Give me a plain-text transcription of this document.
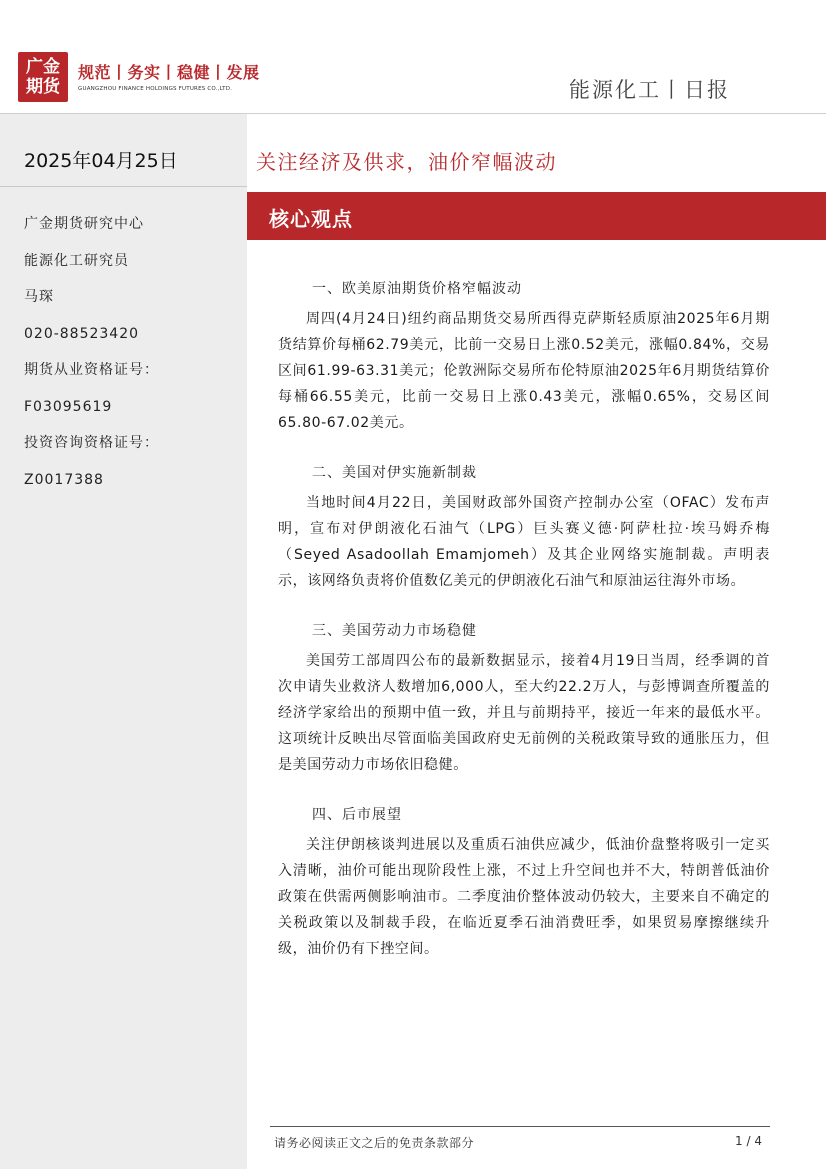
广金
期货
规范丨务实丨稳健丨发展
GUANGZHOU FINANCE HOLDINGS FUTURES CO.,LTD.	能源化工丨日报
2025年04月25日
广金期货研究中心
能源化工研究员
马琛
020-88523420
期货从业资格证号：
F03095619
投资咨询资格证号：
Z0017388
关注经济及供求，油价窄幅波动
核心观点
一、欧美原油期货价格窄幅波动

周四(4月24日)纽约商品期货交易所西得克萨斯轻质原油2025年6月期货结算价每桶62.79美元，比前一交易日上涨0.52美元，涨幅0.84%，交易区间61.99-63.31美元；伦敦洲际交易所布伦特原油2025年6月期货结算价每桶66.55美元，比前一交易日上涨0.43美元，涨幅0.65%，交易区间65.80-67.02美元。

二、美国对伊实施新制裁

当地时间4月22日，美国财政部外国资产控制办公室（OFAC）发布声明，宣布对伊朗液化石油气（LPG）巨头赛义德·阿萨杜拉·埃马姆乔梅（Seyed Asadoollah Emamjomeh）及其企业网络实施制裁。声明表示，该网络负责将价值数亿美元的伊朗液化石油气和原油运往海外市场。

三、美国劳动力市场稳健

美国劳工部周四公布的最新数据显示，接着4月19日当周，经季调的首次申请失业救济人数增加6,000人，至大约22.2万人，与彭博调查所覆盖的经济学家给出的预期中值一致，并且与前期持平，接近一年来的最低水平。这项统计反映出尽管面临美国政府史无前例的关税政策导致的通胀压力，但是美国劳动力市场依旧稳健。

四、后市展望

关注伊朗核谈判进展以及重质石油供应减少，低油价盘整将吸引一定买入清晰，油价可能出现阶段性上涨，不过上升空间也并不大，特朗普低油价政策在供需两侧影响油市。二季度油价整体波动仍较大，主要来自不确定的关税政策以及制裁手段，在临近夏季石油消费旺季，如果贸易摩擦继续升级，油价仍有下挫空间。

请务必阅读正文之后的免责条款部分	1 / 4
